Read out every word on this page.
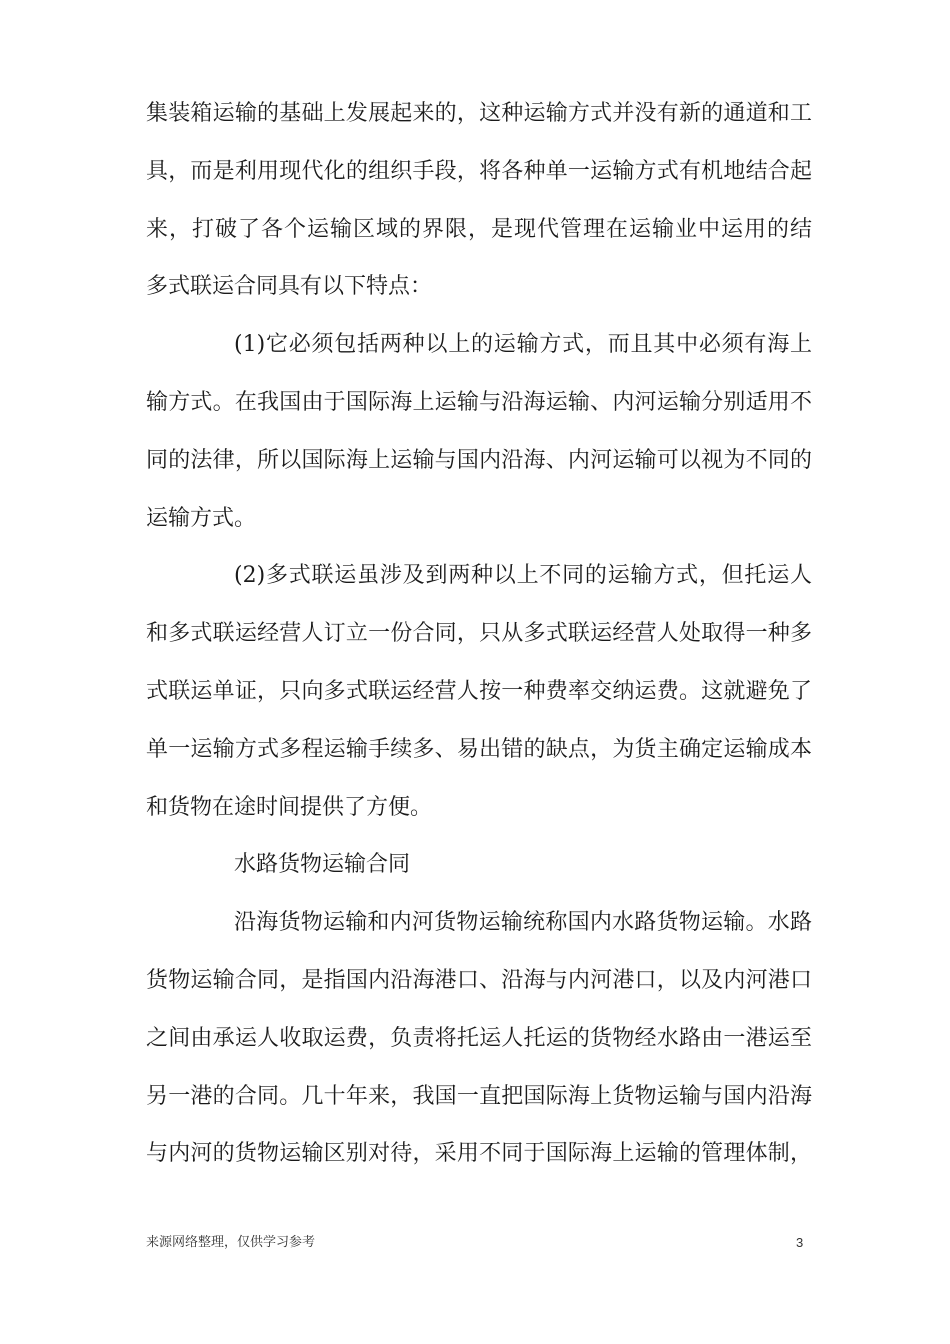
集装箱运输的基础上发展起来的，这种运输方式并没有新的通道和工
具，而是利用现代化的组织手段，将各种单一运输方式有机地结合起
来，打破了各个运输区域的界限，是现代管理在运输业中运用的结
多式联运合同具有以下特点：
(1)它必须包括两种以上的运输方式，而且其中必须有海上
输方式。在我国由于国际海上运输与沿海运输、内河运输分别适用不
同的法律，所以国际海上运输与国内沿海、内河运输可以视为不同的
运输方式。
(2)多式联运虽涉及到两种以上不同的运输方式，但托运人
和多式联运经营人订立一份合同，只从多式联运经营人处取得一种多
式联运单证，只向多式联运经营人按一种费率交纳运费。这就避免了
单一运输方式多程运输手续多、易出错的缺点，为货主确定运输成本
和货物在途时间提供了方便。
水路货物运输合同
沿海货物运输和内河货物运输统称国内水路货物运输。水路
货物运输合同，是指国内沿海港口、沿海与内河港口，以及内河港口
之间由承运人收取运费，负责将托运人托运的货物经水路由一港运至
另一港的合同。几十年来，我国一直把国际海上货物运输与国内沿海
与内河的货物运输区别对待，采用不同于国际海上运输的管理体制，
来源网络整理，仅供学习参考	3
